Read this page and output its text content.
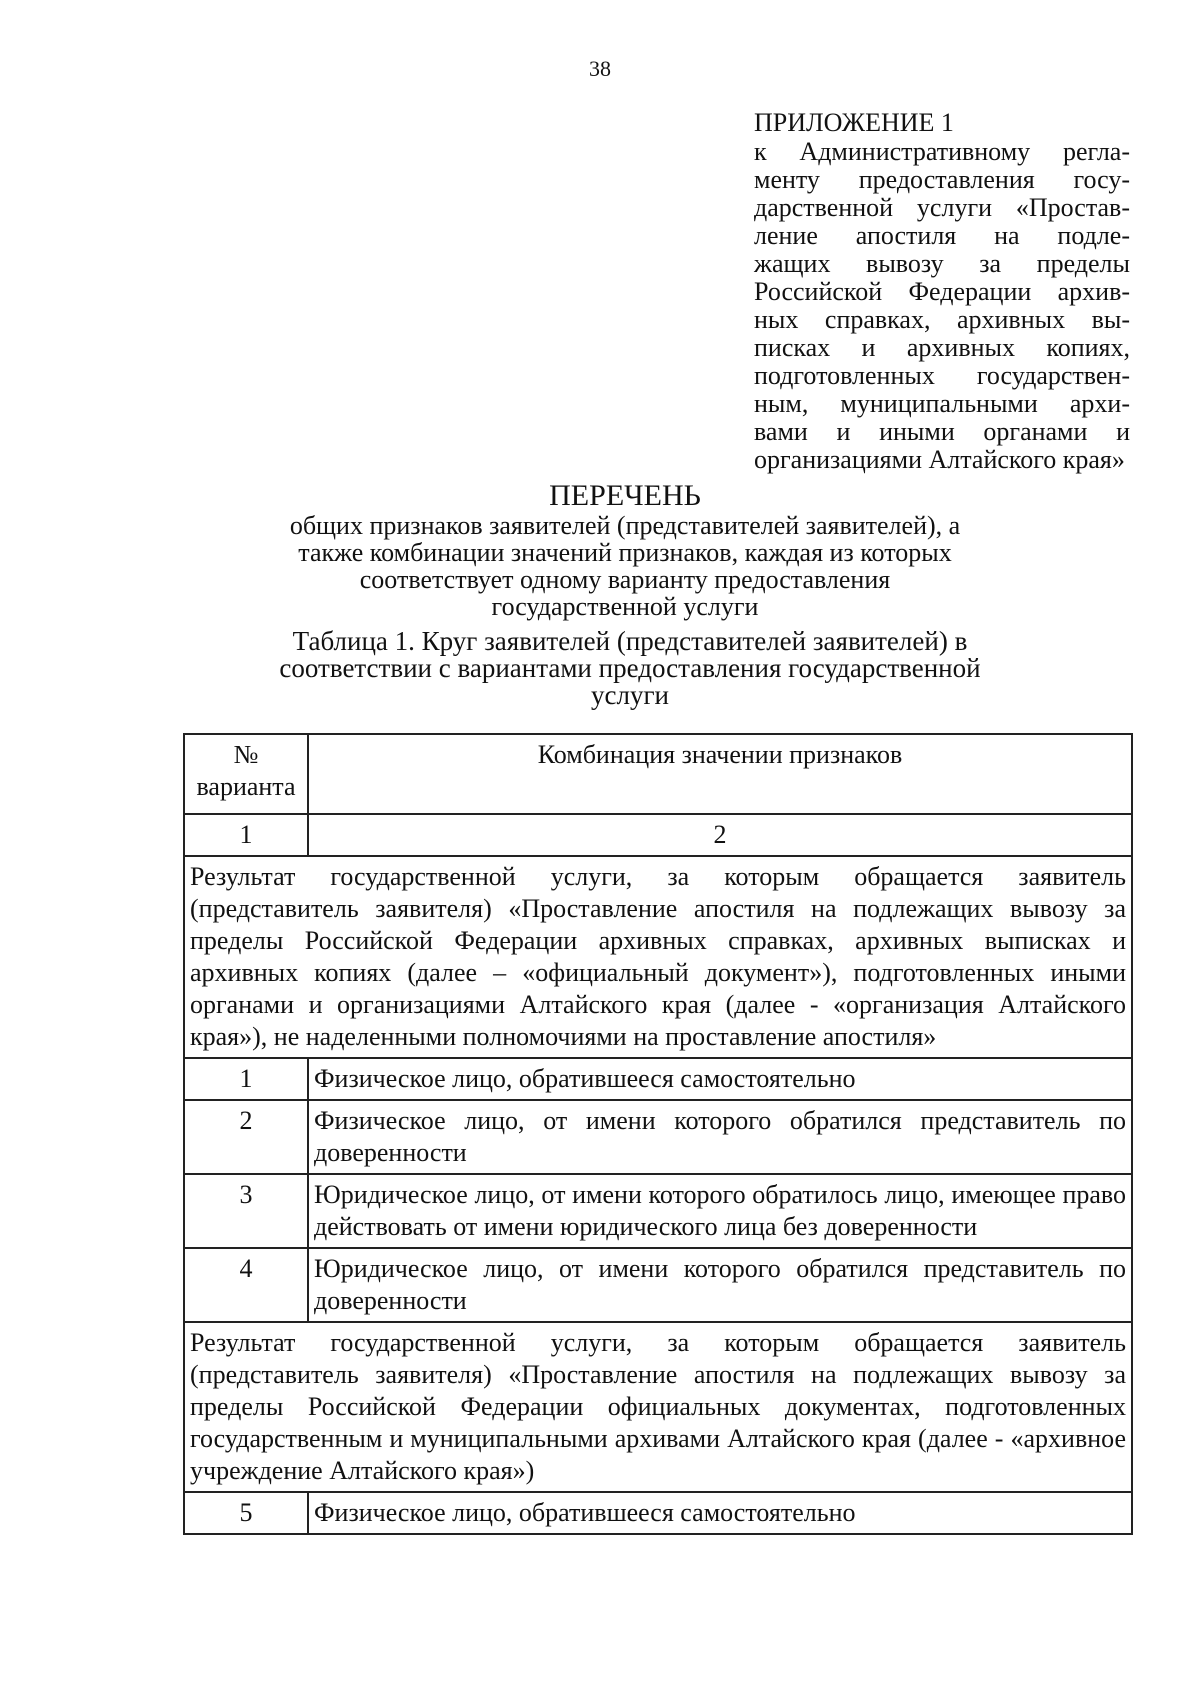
38
ПРИЛОЖЕНИЕ 1
к Административному регла-
менту предоставления госу-
дарственной услуги «Простав-
ление апостиля на подле-
жащих вывозу за пределы
Российской Федерации архив-
ных справках, архивных вы-
писках и архивных копиях,
подготовленных государствен-
ным, муниципальными архи-
вами и иными органами и
организациями Алтайского края»
ПЕРЕЧЕНЬ
общих признаков заявителей (представителей заявителей), а
также комбинации значений признаков, каждая из которых
соответствует одному варианту предоставления
государственной услуги
Таблица 1. Круг заявителей (представителей заявителей) в
соответствии с вариантами предоставления государственной
услуги
№ варианта	Комбинация значении признаков
1	2
Результат государственной услуги, за которым обращается заявитель (представитель заявителя) «Проставление апостиля на подлежащих вывозу за пределы Российской Федерации архивных справках, архивных выписках и архивных копиях (далее – «официальный документ»), подготовленных иными органами и организациями Алтайского края (далее - «организация Алтайского края»), не наделенными полномочиями на проставление апостиля»	
1	Физическое лицо, обратившееся самостоятельно
2	Физическое лицо, от имени которого обратился представитель по доверенности
3	Юридическое лицо, от имени которого обратилось лицо, имеющее право действовать от имени юридического лица без доверенности
4	Юридическое лицо, от имени которого обратился представитель по доверенности
Результат государственной услуги, за которым обращается заявитель (представитель заявителя) «Проставление апостиля на подлежащих вывозу за пределы Российской Федерации официальных документах, подготовленных государственным и муниципальными архивами Алтайского края (далее - «архивное учреждение Алтайского края»)	
5	Физическое лицо, обратившееся самостоятельно
